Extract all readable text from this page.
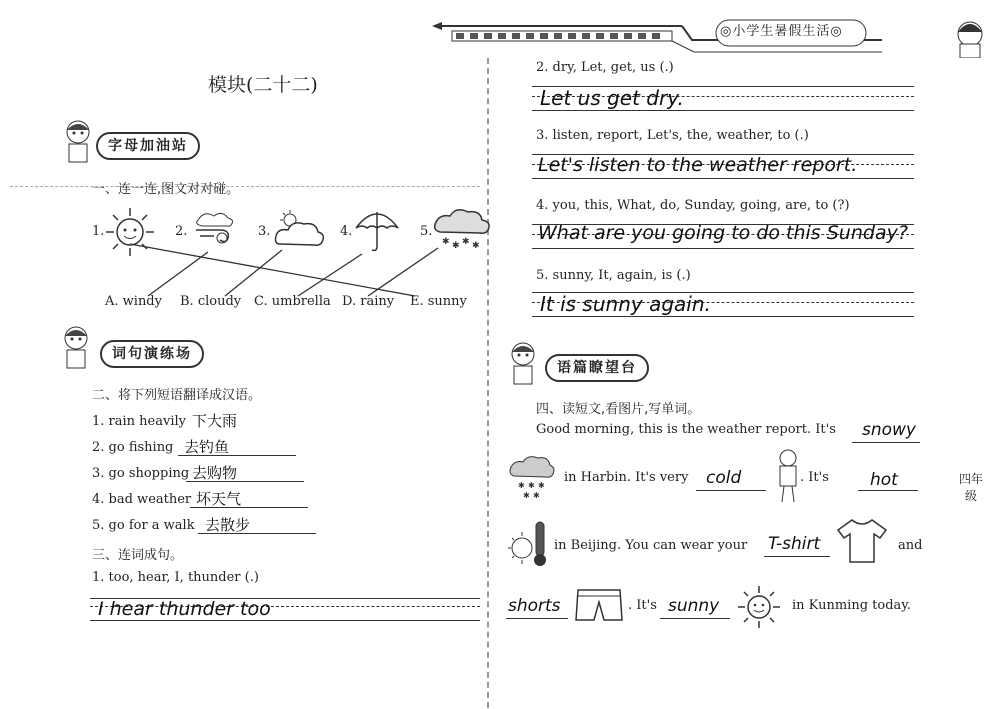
◎小学生暑假生活◎
模块(二十二)
字母加油站
一、连一连,图文对对碰。
1.	2.	3.	4.	5.
✱ ✱ ✱ ✱
A. windy B. cloudy C. umbrella D. rainy E. sunny
词句演练场
二、将下列短语翻译成汉语。
1. rain heavily 下大雨
2. go fishing 去钓鱼
3. go shopping 去购物
4. bad weather 坏天气
5. go for a walk 去散步
三、连词成句。
1. too, hear, I, thunder (.)
I hear thunder too
2. dry, Let, get, us (.)
Let us get dry.
3. listen, report, Let's, the, weather, to (.)
Let's listen to the weather report.
4. you, this, What, do, Sunday, going, are, to (?)
What are you going to do this Sunday?
5. sunny, It, again, is (.)
It is sunny again.
语篇瞭望台
四、读短文,看图片,写单词。
Good morning, this is the weather report. It's snowy
✱ ✱ ✱
✱ ✱
in Harbin. It's very cold	. It's hot
in Beijing. You can wear your T-shirt	and
shorts	. It's sunny	in Kunming today.
四年级
